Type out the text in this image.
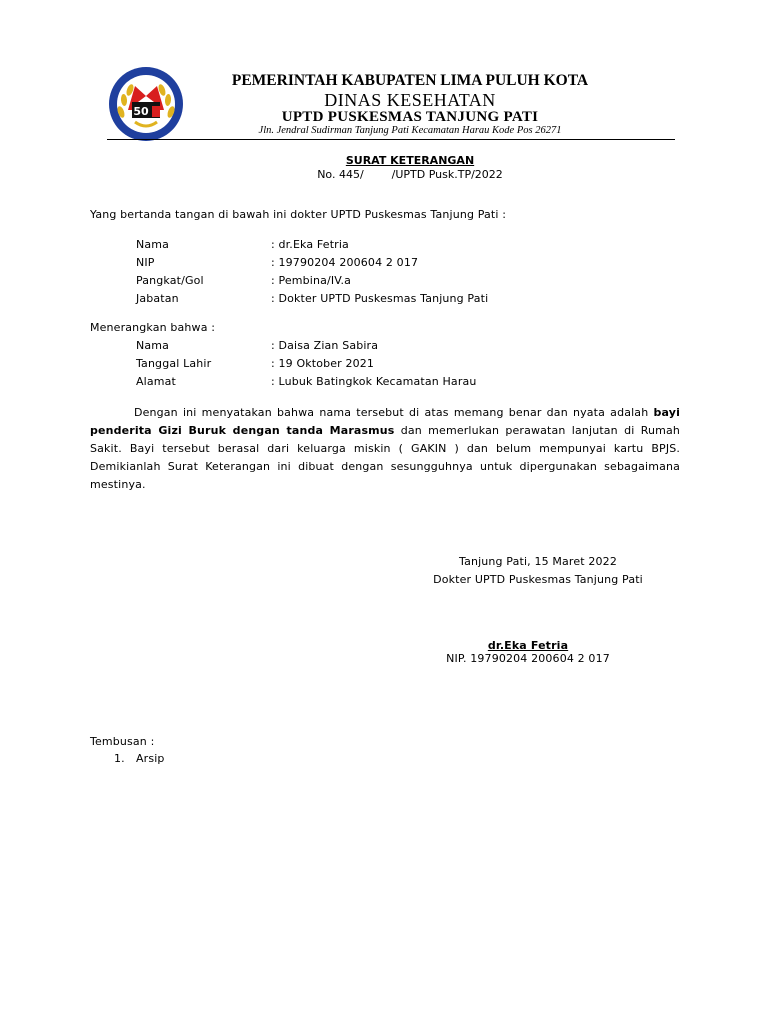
50
PEMERINTAH KABUPATEN LIMA PULUH KOTA
DINAS KESEHATAN
UPTD PUSKESMAS TANJUNG PATI
Jln. Jendral Sudirman Tanjung Pati Kecamatan Harau Kode Pos 26271
SURAT KETERANGAN
No. 445/        /UPTD Pusk.TP/2022
Yang bertanda tangan di bawah ini dokter UPTD Puskesmas Tanjung Pati :
Nama	: dr.Eka Fetria
NIP	: 19790204 200604 2 017
Pangkat/Gol	: Pembina/IV.a
Jabatan	: Dokter UPTD Puskesmas Tanjung Pati
Menerangkan bahwa :
Nama	: Daisa Zian Sabira
Tanggal Lahir	: 19 Oktober 2021
Alamat	: Lubuk Batingkok Kecamatan Harau
Dengan ini menyatakan bahwa nama tersebut di atas memang benar dan nyata adalah bayi penderita Gizi Buruk dengan tanda Marasmus dan memerlukan perawatan lanjutan di Rumah Sakit. Bayi tersebut berasal dari keluarga miskin ( GAKIN ) dan belum mempunyai kartu BPJS. Demikianlah Surat Keterangan ini dibuat dengan sesungguhnya untuk dipergunakan sebagaimana mestinya.
Tanjung Pati, 15 Maret 2022
Dokter UPTD Puskesmas Tanjung Pati
dr.Eka Fetria
NIP. 19790204 200604 2 017
Tembusan :
1. Arsip
